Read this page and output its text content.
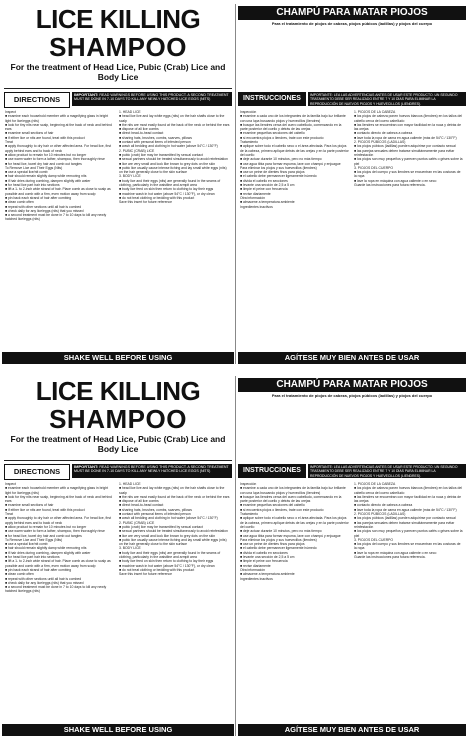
LICE KILLING
SHAMPOO
For the treatment of Head Lice, Pubic (Crab) Lice and Body Lice
DIRECTIONS
IMPORTANT: READ WARNINGS BEFORE USING THIS PRODUCT. A SECOND TREATMENT MUST BE DONE IN 7-10 DAYS TO KILL ANY NEWLY HATCHED LICE EGGS (NITS)
Inspect
■ examine each household member with a magnifying glass in bright light for lice/eggs (nits)
■ look for tiny nits near scalp, beginning at the back of neck and behind ears
■ examine small sections of hair
■ if either lice or nits are found, treat with this product
Treat
■ apply thoroughly to dry hair or other affected area. For head lice, first apply behind ears and to back of neck
■ allow product to remain for 10 minutes but no longer
■ use warm water to form a lather, shampoo, then thoroughly rinse
■ for head lice, towel dry hair and comb out tangles
To Remove Lice and Their Eggs (Nits)
■ use a special lice/nit comb
■ hair should remain slightly damp while removing nits
■ if hair dries during combing, dampen slightly with water
■ for head lice part hair into sections
■ lift a 1- to 2-inch wide strand of hair. Place comb as close to scalp as possible and comb with a firm, even motion away from scalp
■ pin back each strand of hair after combing
■ clean comb often
■ repeat with other sections until all hair is combed
■ check daily for any lice/eggs (nits) that you missed
■ a second treatment must be done in 7 to 10 days to kill any newly hatched lice/eggs (nits)
1. HEAD LICE
■ head lice live and lay white eggs (nits) on the hair shafts close to the scalp
■ the nits are most easily found at the back of the neck or behind the ears
■ dispose of all lice combs
■ direct head-to-head contact
■ sharing hats, brushes, combs, scarves, pillows
■ contact with personal items of infested person
■ wash all bedding and clothing in hot water (above 54°C / 130°F)
2. PUBIC (CRAB) LICE
■ pubic (crab) lice may be transmitted by sexual contact
■ sexual partners should be treated simultaneously to avoid reinfestation
■ lice are very small and look like brown to grey dots on the skin
■ pubic lice usually cause intense itching and lay small white eggs (nits) on the hair generally close to the skin surface
3. BODY LICE
■ body lice and their eggs (nits) are generally found in the seams of clothing, particularly in the waistline and armpit area
■ body lice feed on skin then return to clothing to lay their eggs
■ machine wash in hot water (above 54°C / 130°F), or dry clean
■ do not treat clothing or bedding with this product
Save this insert for future reference
SHAKE WELL BEFORE USING
CHAMPÚ PARA MATAR PIOJOS
Para el tratamiento de piojos de cabeza, piojos púbicos (ladillas) y piojos del cuerpo
INSTRUCCIONES	IMPORTANTE: LEA LAS ADVERTENCIAS ANTES DE USAR ESTE PRODUCTO. UN SEGUNDO TRATAMIENTO DEBE SER REALIZADO ENTRE 7 Y 10 DÍAS PARA ELIMINAR LA REPRODUCCIÓN DE NUEVOS PIOJOS Y HUEVECILLOS (LIENDRES).
Inspección
■ examine a cada uno de los integrantes de la familia bajo luz brillante con una lupa buscando piojos y huevecillos (liendres)
■ busque las liendres cerca del cuero cabelludo, comenzando en la parte posterior del cuello y detrás de las orejas
■ examine pequeñas secciones del cabello
■ si encuentra piojos o liendres, trate con este producto
Tratamiento
■ aplique sobre todo el cabello seco o el área afectada. Para los piojos de la cabeza, primero aplique detrás de las orejas y en la parte posterior del cuello
■ deje actuar durante 10 minutos, pero no más tiempo
■ use agua tibia para formar espuma, lave con champú y enjuague
Para eliminar los piojos y sus huevecillos (liendres)
■ use un peine de dientes finos para piojos
■ el cabello debe permanecer ligeramente húmedo
■ divida el cabello en secciones
■ levante una sección de 2,5 a 5 cm
■ limpie el peine con frecuencia
■ revise diariamente
Otra información
■ almacene a temperatura ambiente
Ingredientes inactivos
1. PIOJOS DE LA CABEZA
■ los piojos de cabeza ponen huevos blancos (liendres) en los tallos del cabello cerca del cuero cabelludo
■ las liendres se encuentran con mayor facilidad en la nuca y detrás de las orejas
■ contacto directo de cabeza a cabeza
■ lave toda la ropa de cama en agua caliente (más de 54°C / 130°F)
2. PIOJOS PÚBICOS (LADILLAS)
■ los piojos púbicos (ladillas) pueden adquirirse por contacto sexual
■ las parejas sexuales deben tratarse simultáneamente para evitar reinfestación
■ los piojos son muy pequeños y parecen puntos cafés o grises sobre la piel
3. PIOJOS DEL CUERPO
■ los piojos del cuerpo y sus liendres se encuentran en las costuras de la ropa
■ lave la ropa en máquina con agua caliente o en seco
Guarde las instrucciones para futura referencia.
AGÍTESE MUY BIEN ANTES DE USAR
LICE KILLING
SHAMPOO
For the treatment of Head Lice, Pubic (Crab) Lice and Body Lice
DIRECTIONS
IMPORTANT: READ WARNINGS BEFORE USING THIS PRODUCT. A SECOND TREATMENT MUST BE DONE IN 7-10 DAYS TO KILL ANY NEWLY HATCHED LICE EGGS (NITS)
Inspect
■ examine each household member with a magnifying glass in bright light for lice/eggs (nits)
■ look for tiny nits near scalp, beginning at the back of neck and behind ears
■ examine small sections of hair
■ if either lice or nits are found, treat with this product
Treat
■ apply thoroughly to dry hair or other affected area. For head lice, first apply behind ears and to back of neck
■ allow product to remain for 10 minutes but no longer
■ use warm water to form a lather, shampoo, then thoroughly rinse
■ for head lice, towel dry hair and comb out tangles
To Remove Lice and Their Eggs (Nits)
■ use a special lice/nit comb
■ hair should remain slightly damp while removing nits
■ if hair dries during combing, dampen slightly with water
■ for head lice part hair into sections
■ lift a 1- to 2-inch wide strand of hair. Place comb as close to scalp as possible and comb with a firm, even motion away from scalp
■ pin back each strand of hair after combing
■ clean comb often
■ repeat with other sections until all hair is combed
■ check daily for any lice/eggs (nits) that you missed
■ a second treatment must be done in 7 to 10 days to kill any newly hatched lice/eggs (nits)
1. HEAD LICE
■ head lice live and lay white eggs (nits) on the hair shafts close to the scalp
■ the nits are most easily found at the back of the neck or behind the ears
■ dispose of all lice combs
■ direct head-to-head contact
■ sharing hats, brushes, combs, scarves, pillows
■ contact with personal items of infested person
■ wash all bedding and clothing in hot water (above 54°C / 130°F)
2. PUBIC (CRAB) LICE
■ pubic (crab) lice may be transmitted by sexual contact
■ sexual partners should be treated simultaneously to avoid reinfestation
■ lice are very small and look like brown to grey dots on the skin
■ pubic lice usually cause intense itching and lay small white eggs (nits) on the hair generally close to the skin surface
3. BODY LICE
■ body lice and their eggs (nits) are generally found in the seams of clothing, particularly in the waistline and armpit area
■ body lice feed on skin then return to clothing to lay their eggs
■ machine wash in hot water (above 54°C / 130°F), or dry clean
■ do not treat clothing or bedding with this product
Save this insert for future reference
SHAKE WELL BEFORE USING
CHAMPÚ PARA MATAR PIOJOS
Para el tratamiento de piojos de cabeza, piojos púbicos (ladillas) y piojos del cuerpo
INSTRUCCIONES	IMPORTANTE: LEA LAS ADVERTENCIAS ANTES DE USAR ESTE PRODUCTO. UN SEGUNDO TRATAMIENTO DEBE SER REALIZADO ENTRE 7 Y 10 DÍAS PARA ELIMINAR LA REPRODUCCIÓN DE NUEVOS PIOJOS Y HUEVECILLOS (LIENDRES).
Inspección
■ examine a cada uno de los integrantes de la familia bajo luz brillante con una lupa buscando piojos y huevecillos (liendres)
■ busque las liendres cerca del cuero cabelludo, comenzando en la parte posterior del cuello y detrás de las orejas
■ examine pequeñas secciones del cabello
■ si encuentra piojos o liendres, trate con este producto
Tratamiento
■ aplique sobre todo el cabello seco o el área afectada. Para los piojos de la cabeza, primero aplique detrás de las orejas y en la parte posterior del cuello
■ deje actuar durante 10 minutos, pero no más tiempo
■ use agua tibia para formar espuma, lave con champú y enjuague
Para eliminar los piojos y sus huevecillos (liendres)
■ use un peine de dientes finos para piojos
■ el cabello debe permanecer ligeramente húmedo
■ divida el cabello en secciones
■ levante una sección de 2,5 a 5 cm
■ limpie el peine con frecuencia
■ revise diariamente
Otra información
■ almacene a temperatura ambiente
Ingredientes inactivos
1. PIOJOS DE LA CABEZA
■ los piojos de cabeza ponen huevos blancos (liendres) en los tallos del cabello cerca del cuero cabelludo
■ las liendres se encuentran con mayor facilidad en la nuca y detrás de las orejas
■ contacto directo de cabeza a cabeza
■ lave toda la ropa de cama en agua caliente (más de 54°C / 130°F)
2. PIOJOS PÚBICOS (LADILLAS)
■ los piojos púbicos (ladillas) pueden adquirirse por contacto sexual
■ las parejas sexuales deben tratarse simultáneamente para evitar reinfestación
■ los piojos son muy pequeños y parecen puntos cafés o grises sobre la piel
3. PIOJOS DEL CUERPO
■ los piojos del cuerpo y sus liendres se encuentran en las costuras de la ropa
■ lave la ropa en máquina con agua caliente o en seco
Guarde las instrucciones para futura referencia.
AGÍTESE MUY BIEN ANTES DE USAR
